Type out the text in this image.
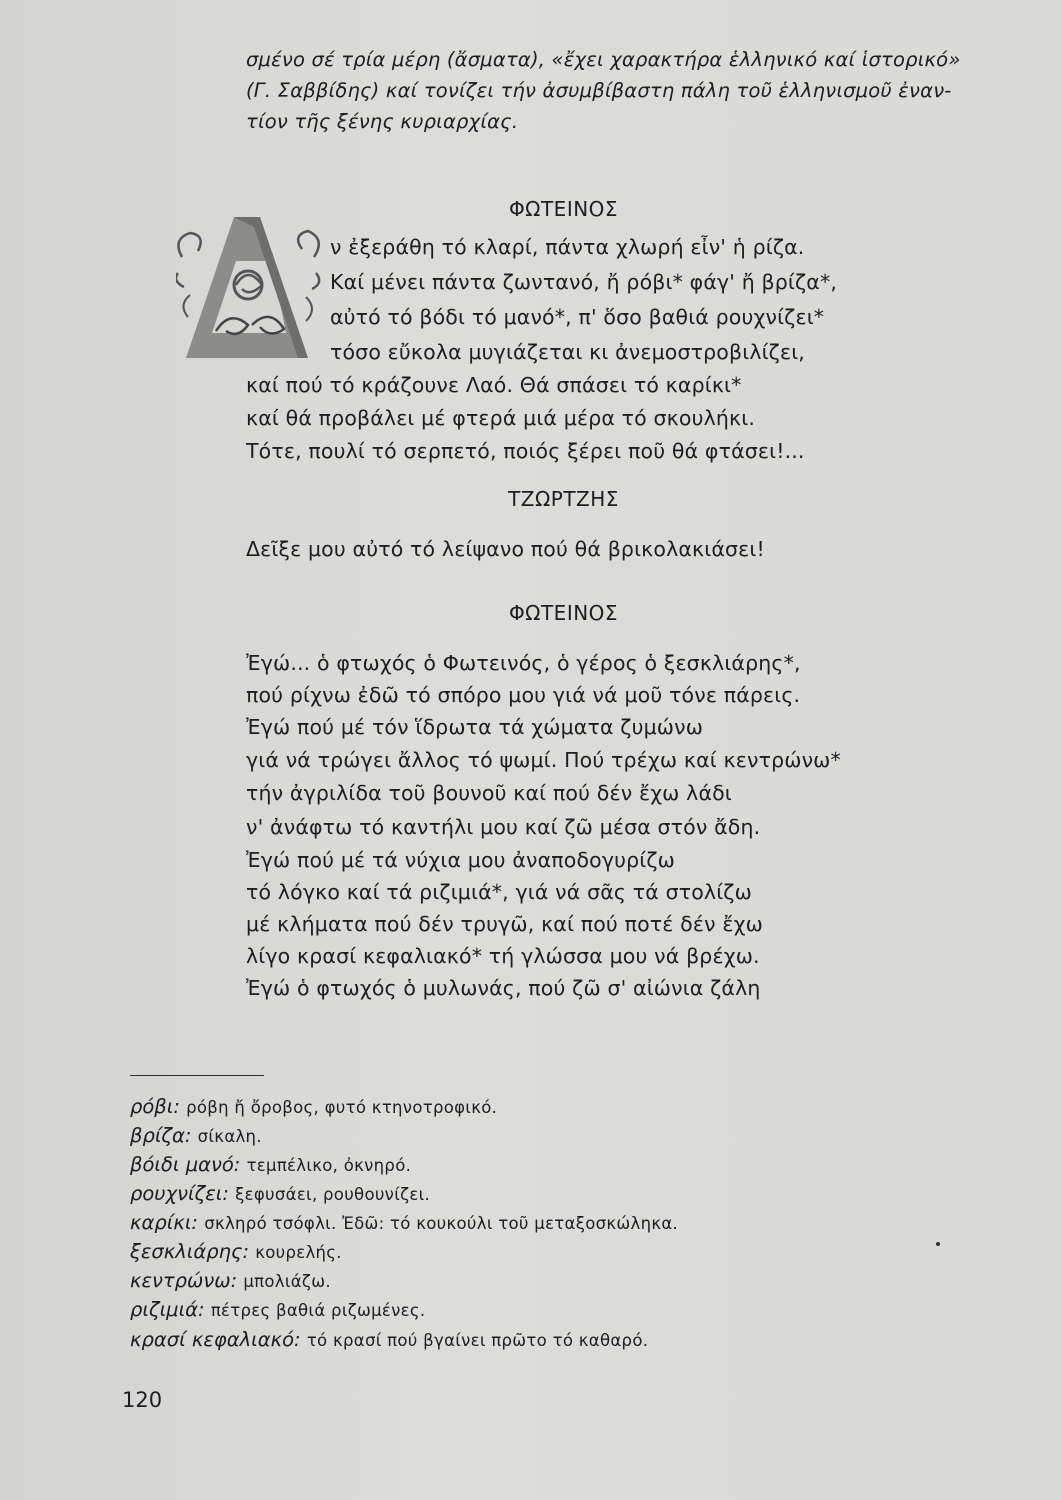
σμένο σέ τρία μέρη (ἄσματα), «ἔχει χαρακτήρα ἑλληνικό καί ἱστορικό»
(Γ. Σαββίδης) καί τονίζει τήν ἀσυμβίβαστη πάλη τοῦ ἑλληνισμοῦ ἐναν-
τίον τῆς ξένης κυριαρχίας.
ΦΩΤΕΙΝΟΣ
ν ἐξεράθη τό κλαρί, πάντα χλωρή εἶν' ἡ ρίζα.
Καί μένει πάντα ζωντανό, ἤ ρόβι* φάγ' ἤ βρίζα*,
αὐτό τό βόδι τό μανό*, π' ὅσο βαθιά ρουχνίζει*
τόσο εὔκολα μυγιάζεται κι ἀνεμοστροβιλίζει,
καί πού τό κράζουνε Λαό. Θά σπάσει τό καρίκι*
καί θά προβάλει μέ φτερά μιά μέρα τό σκουλήκι.
Τότε, πουλί τό σερπετό, ποιός ξέρει ποῦ θά φτάσει!...
ΤΖΩΡΤΖΗΣ
Δεῖξε μου αὐτό τό λείψανο πού θά βρικολακιάσει!
ΦΩΤΕΙΝΟΣ
Ἐγώ... ὁ φτωχός ὁ Φωτεινός, ὁ γέρος ὁ ξεσκλιάρης*,
πού ρίχνω ἐδῶ τό σπόρο μου γιά νά μοῦ τόνε πάρεις.
Ἐγώ πού μέ τόν ἵδρωτα τά χώματα ζυμώνω
γιά νά τρώγει ἄλλος τό ψωμί. Πού τρέχω καί κεντρώνω*
τήν ἀγριλίδα τοῦ βουνοῦ καί πού δέν ἔχω λάδι
ν' ἀνάφτω τό καντήλι μου καί ζῶ μέσα στόν ἄδη.
Ἐγώ πού μέ τά νύχια μου ἀναποδογυρίζω
τό λόγκο καί τά ριζιμιά*, γιά νά σᾶς τά στολίζω
μέ κλήματα πού δέν τρυγῶ, καί πού ποτέ δέν ἔχω
λίγο κρασί κεφαλιακό* τή γλώσσα μου νά βρέχω.
Ἐγώ ὁ φτωχός ὁ μυλωνάς, πού ζῶ σ' αἰώνια ζάλη
ρόβι: ρόβη ἤ ὄροβος, φυτό κτηνοτροφικό.
βρίζα: σίκαλη.
βόιδι μανό: τεμπέλικο, ὀκνηρό.
ρουχνίζει: ξεφυσάει, ρουθουνίζει.
καρίκι: σκληρό τσόφλι. Ἐδῶ: τό κουκούλι τοῦ μεταξοσκώληκα.
ξεσκλιάρης: κουρελής.
κεντρώνω: μπολιάζω.
ριζιμιά: πέτρες βαθιά ριζωμένες.
κρασί κεφαλιακό: τό κρασί πού βγαίνει πρῶτο τό καθαρό.
120
